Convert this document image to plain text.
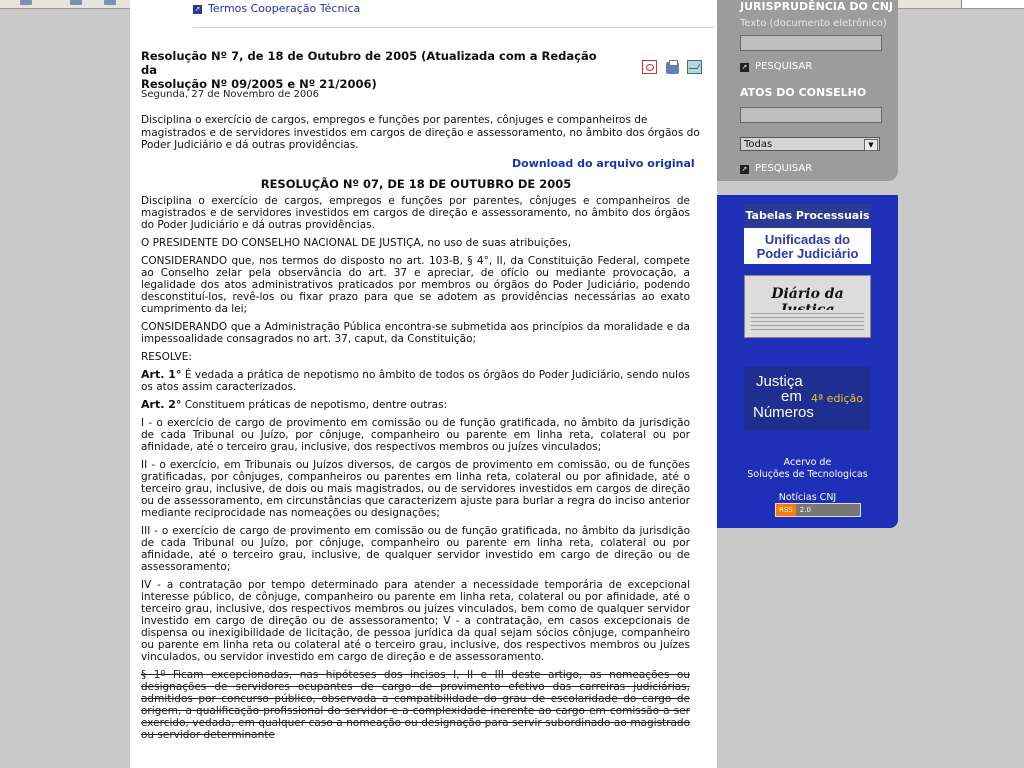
➚ Termos Cooperação Técnica
Resolução Nº 7, de 18 de Outubro de 2005 (Atualizada com a Redação da
Resolução Nº 09/2005 e Nº 21/2006)

Segunda, 27 de Novembro de 2006
Disciplina o exercício de cargos, empregos e funções por parentes, cônjuges e companheiros de magistrados e de servidores investidos em cargos de direção e assessoramento, no âmbito dos órgãos do Poder Judiciário e dá outras providências.
Download do arquivo original
RESOLUÇÃO Nº 07, DE 18 DE OUTUBRO DE 2005

Disciplina o exercício de cargos, empregos e funções por parentes, cônjuges e companheiros de magistrados e de servidores investidos em cargos de direção e assessoramento, no âmbito dos órgãos do Poder Judiciário e dá outras providências.

O PRESIDENTE DO CONSELHO NACIONAL DE JUSTIÇA, no uso de suas atribuições,

CONSIDERANDO que, nos termos do disposto no art. 103-B, § 4°, II, da Constituição Federal, compete ao Conselho zelar pela observância do art. 37 e apreciar, de ofício ou mediante provocação, a legalidade dos atos administrativos praticados por membros ou órgãos do Poder Judiciário, podendo desconstituí-los, revê-los ou fixar prazo para que se adotem as providências necessárias ao exato cumprimento da lei;

CONSIDERANDO que a Administração Pública encontra-se submetida aos princípios da moralidade e da impessoalidade consagrados no art. 37, caput, da Constituição;

RESOLVE:

Art. 1° É vedada a prática de nepotismo no âmbito de todos os órgãos do Poder Judiciário, sendo nulos os atos assim caracterizados.

Art. 2° Constituem práticas de nepotismo, dentre outras:

I - o exercício de cargo de provimento em comissão ou de função gratificada, no âmbito da jurisdição de cada Tribunal ou Juízo, por cônjuge, companheiro ou parente em linha reta, colateral ou por afinidade, até o terceiro grau, inclusive, dos respectivos membros ou juízes vinculados;

II - o exercício, em Tribunais ou Juízos diversos, de cargos de provimento em comissão, ou de funções gratificadas, por cônjuges, companheiros ou parentes em linha reta, colateral ou por afinidade, até o terceiro grau, inclusive, de dois ou mais magistrados, ou de servidores investidos em cargos de direção ou de assessoramento, em circunstâncias que caracterizem ajuste para burlar a regra do inciso anterior mediante reciprocidade nas nomeações ou designações;

III - o exercício de cargo de provimento em comissão ou de função gratificada, no âmbito da jurisdição de cada Tribunal ou Juízo, por cônjuge, companheiro ou parente em linha reta, colateral ou por afinidade, até o terceiro grau, inclusive, de qualquer servidor investido em cargo de direção ou de assessoramento;

IV - a contratação por tempo determinado para atender a necessidade temporária de excepcional interesse público, de cônjuge, companheiro ou parente em linha reta, colateral ou por afinidade, até o terceiro grau, inclusive, dos respectivos membros ou juízes vinculados, bem como de qualquer servidor investido em cargo de direção ou de assessoramento; V - a contratação, em casos excepcionais de dispensa ou inexigibilidade de licitação, de pessoa jurídica da qual sejam sócios cônjuge, companheiro ou parente em linha reta ou colateral até o terceiro grau, inclusive, dos respectivos membros ou juízes vinculados, ou servidor investido em cargo de direção e de assessoramento.

§ 1º Ficam excepcionadas, nas hipóteses dos incisos I, II e III deste artigo, as nomeações ou designações de servidores ocupantes de cargo de provimento efetivo das carreiras judiciárias, admitidos por concurso público, observada a compatibilidade do grau de escolaridade do cargo de origem, a qualificação profissional do servidor e a complexidade inerente ao cargo em comissão a ser exercido, vedada, em qualquer caso a nomeação ou designação para servir subordinado ao magistrado ou servidor determinante

JURISPRUDÊNCIA DO CNJ
Texto (documento eletrônico)
➚ PESQUISAR
ATOS DO CONSELHO
Todas	▼
➚ PESQUISAR
Tabelas Processuais
Unificadas do
Poder Judiciário
Diário da
Justiça
em 4ª edição
Números
Acervo de
Soluções de Tecnologicas
Notícias CNJ
RSS 2.0
